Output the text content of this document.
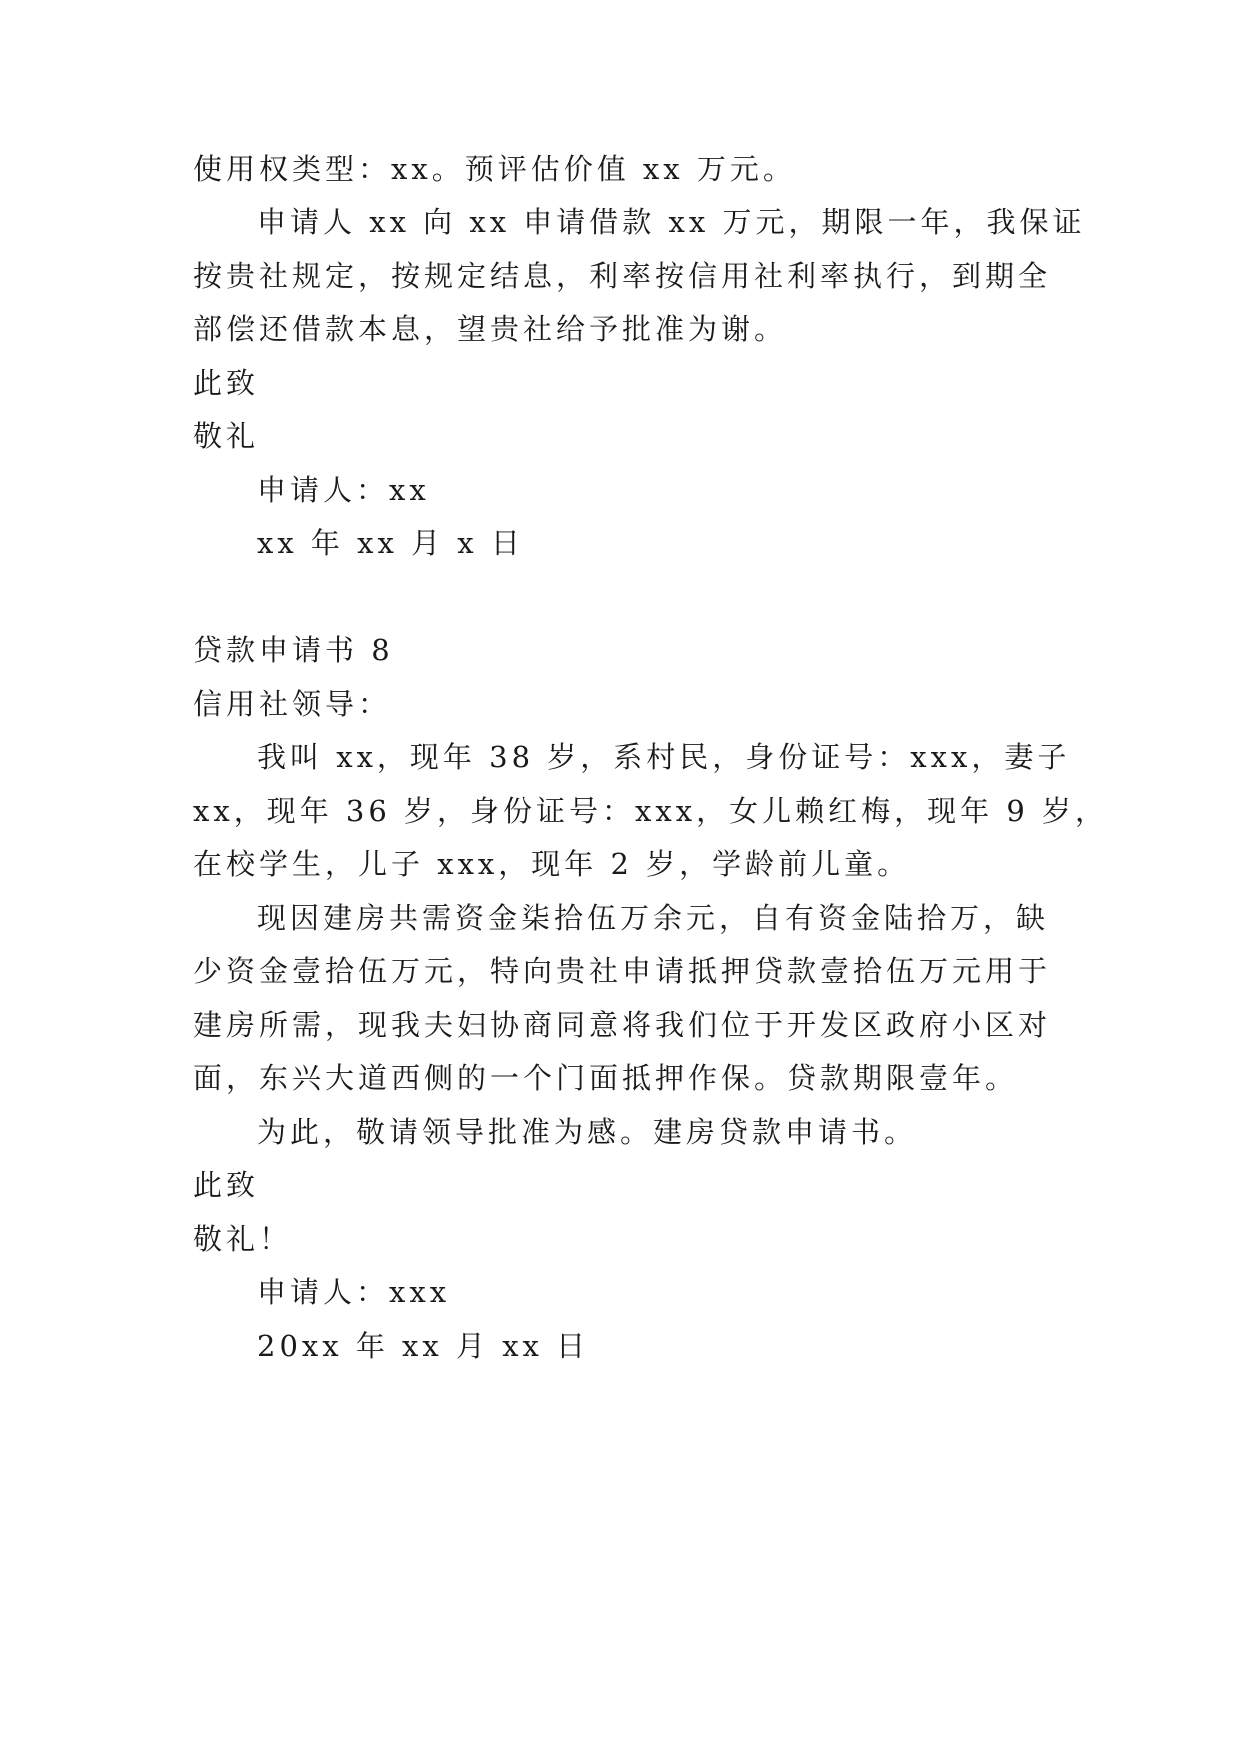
使用权类型：xx。预评估价值 xx 万元。

申请人 xx 向 xx 申请借款 xx 万元，期限一年，我保证

按贵社规定，按规定结息，利率按信用社利率执行，到期全

部偿还借款本息，望贵社给予批准为谢。

此致

敬礼

申请人：xx

xx 年 xx 月 x 日

贷款申请书 8

信用社领导：

我叫 xx，现年 38 岁，系村民，身份证号：xxx，妻子

xx，现年 36 岁，身份证号：xxx，女儿赖红梅，现年 9 岁，

在校学生，儿子 xxx，现年 2 岁，学龄前儿童。

现因建房共需资金柒拾伍万余元，自有资金陆拾万，缺

少资金壹拾伍万元，特向贵社申请抵押贷款壹拾伍万元用于

建房所需，现我夫妇协商同意将我们位于开发区政府小区对

面，东兴大道西侧的一个门面抵押作保。贷款期限壹年。

为此，敬请领导批准为感。建房贷款申请书。

此致

敬礼！

申请人：xxx

20xx 年 xx 月 xx 日
